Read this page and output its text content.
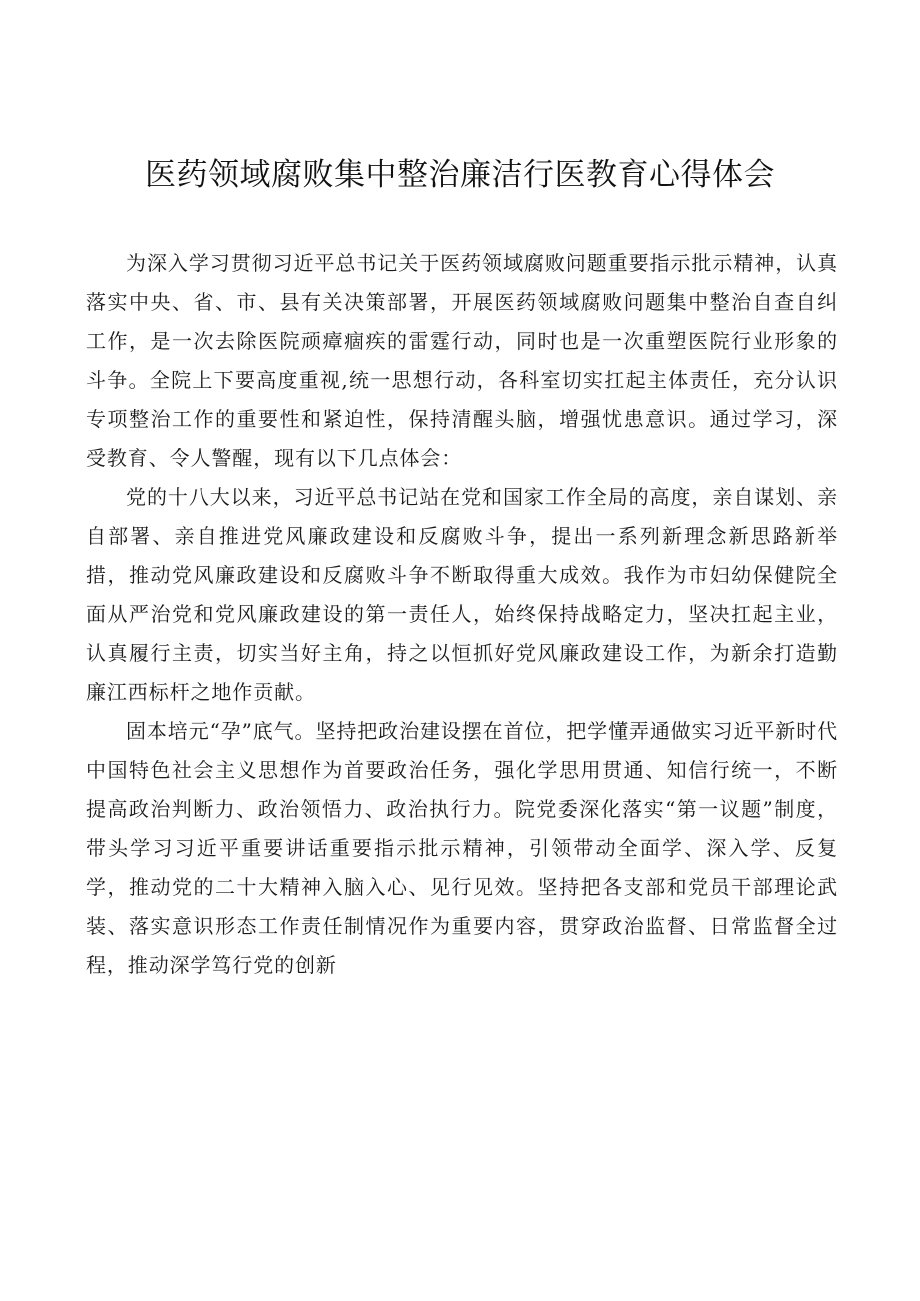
医药领域腐败集中整治廉洁行医教育心得体会

为深入学习贯彻习近平总书记关于医药领域腐败问题重要指示批示精神，认真落实中央、省、市、县有关决策部署，开展医药领域腐败问题集中整治自查自纠工作，是一次去除医院顽瘴痼疾的雷霆行动，同时也是一次重塑医院行业形象的斗争。全院上下要高度重视,统一思想行动，各科室切实扛起主体责任，充分认识专项整治工作的重要性和紧迫性，保持清醒头脑，增强忧患意识。通过学习，深受教育、令人警醒，现有以下几点体会：

党的十八大以来，习近平总书记站在党和国家工作全局的高度，亲自谋划、亲自部署、亲自推进党风廉政建设和反腐败斗争，提出一系列新理念新思路新举措，推动党风廉政建设和反腐败斗争不断取得重大成效。我作为市妇幼保健院全面从严治党和党风廉政建设的第一责任人，始终保持战略定力，坚决扛起主业，认真履行主责，切实当好主角，持之以恒抓好党风廉政建设工作，为新余打造勤廉江西标杆之地作贡献。

固本培元“孕”底气。坚持把政治建设摆在首位，把学懂弄通做实习近平新时代中国特色社会主义思想作为首要政治任务，强化学思用贯通、知信行统一，不断提高政治判断力、政治领悟力、政治执行力。院党委深化落实“第一议题”制度，带头学习习近平重要讲话重要指示批示精神，引领带动全面学、深入学、反复学，推动党的二十大精神入脑入心、见行见效。坚持把各支部和党员干部理论武装、落实意识形态工作责任制情况作为重要内容，贯穿政治监督、日常监督全过程，推动深学笃行党的创新
